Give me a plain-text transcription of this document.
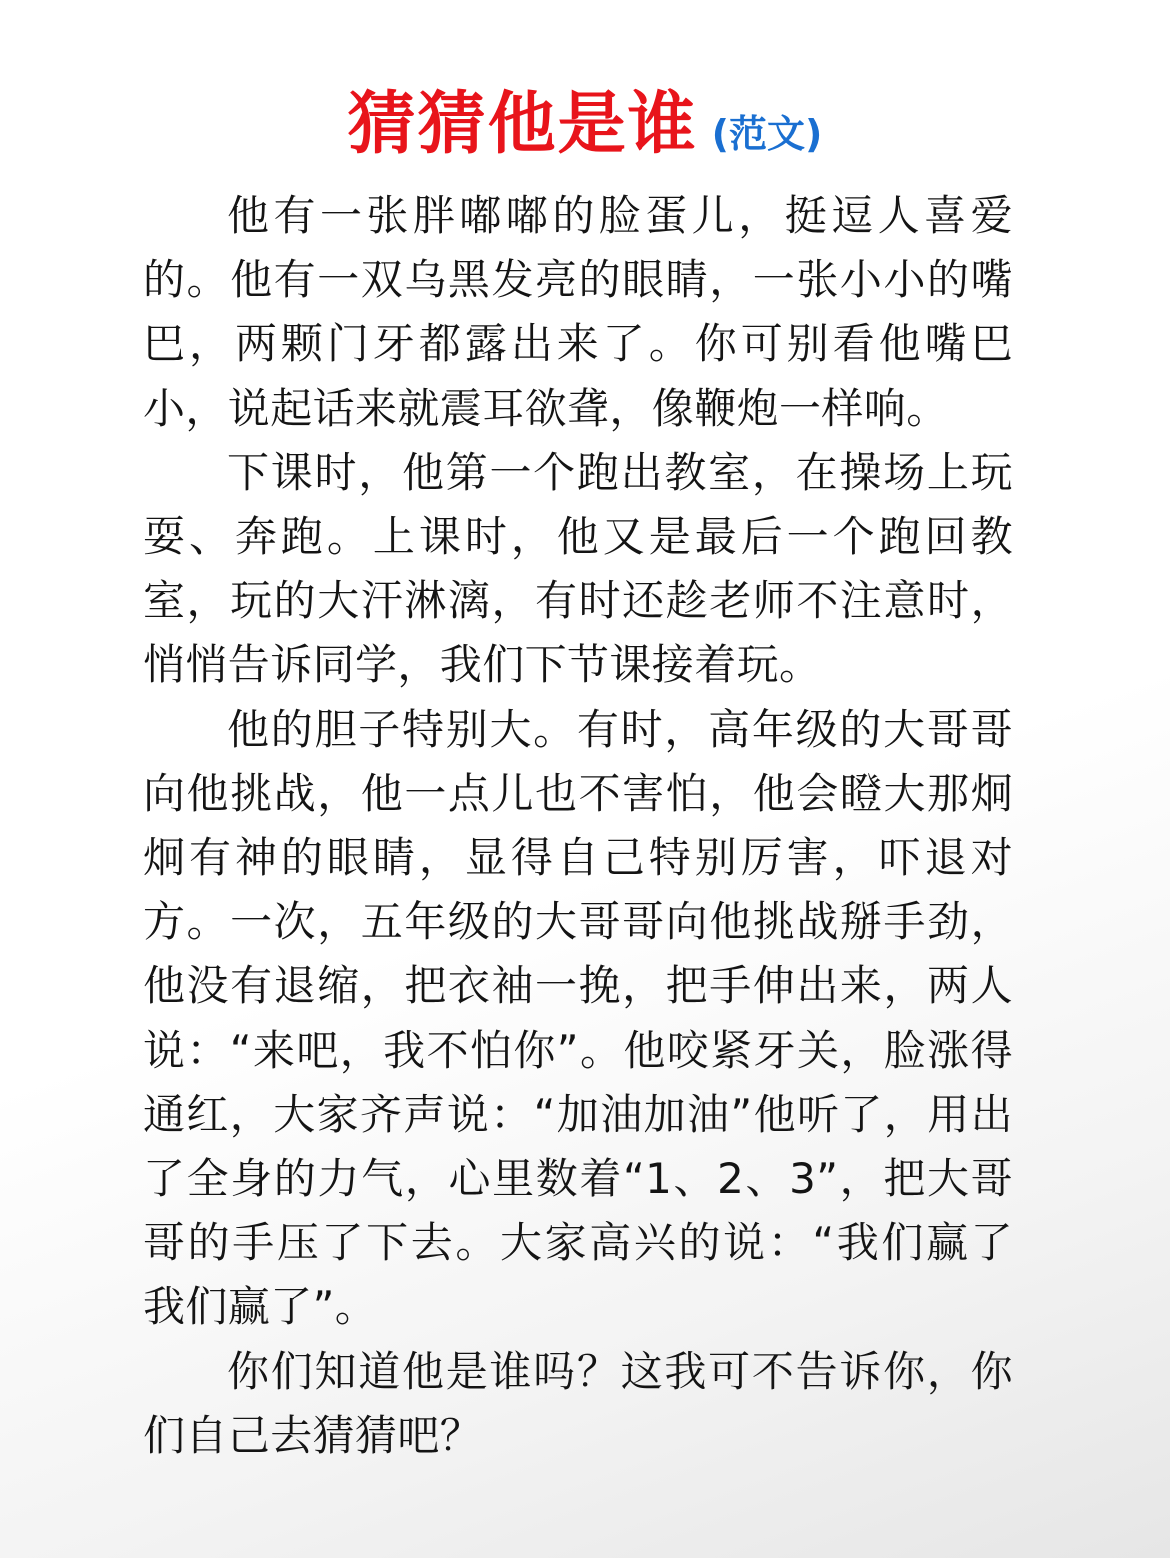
猜猜他是谁 (范文)

他有一张胖嘟嘟的脸蛋儿，挺逗人喜爱的。他有一双乌黑发亮的眼睛，一张小小的嘴巴，两颗门牙都露出来了。你可别看他嘴巴小，说起话来就震耳欲聋，像鞭炮一样响。

下课时，他第一个跑出教室，在操场上玩耍、奔跑。上课时，他又是最后一个跑回教室，玩的大汗淋漓，有时还趁老师不注意时，悄悄告诉同学，我们下节课接着玩。

他的胆子特别大。有时，高年级的大哥哥向他挑战，他一点儿也不害怕，他会瞪大那炯炯有神的眼睛，显得自己特别厉害，吓退对方。一次，五年级的大哥哥向他挑战掰手劲，他没有退缩，把衣袖一挽，把手伸出来，两人说：“来吧，我不怕你”。他咬紧牙关，脸涨得通红，大家齐声说：“加油加油”他听了，用出了全身的力气，心里数着“1、2、3”，把大哥哥的手压了下去。大家高兴的说：“我们赢了我们赢了”。

你们知道他是谁吗？这我可不告诉你，你们自己去猜猜吧？
